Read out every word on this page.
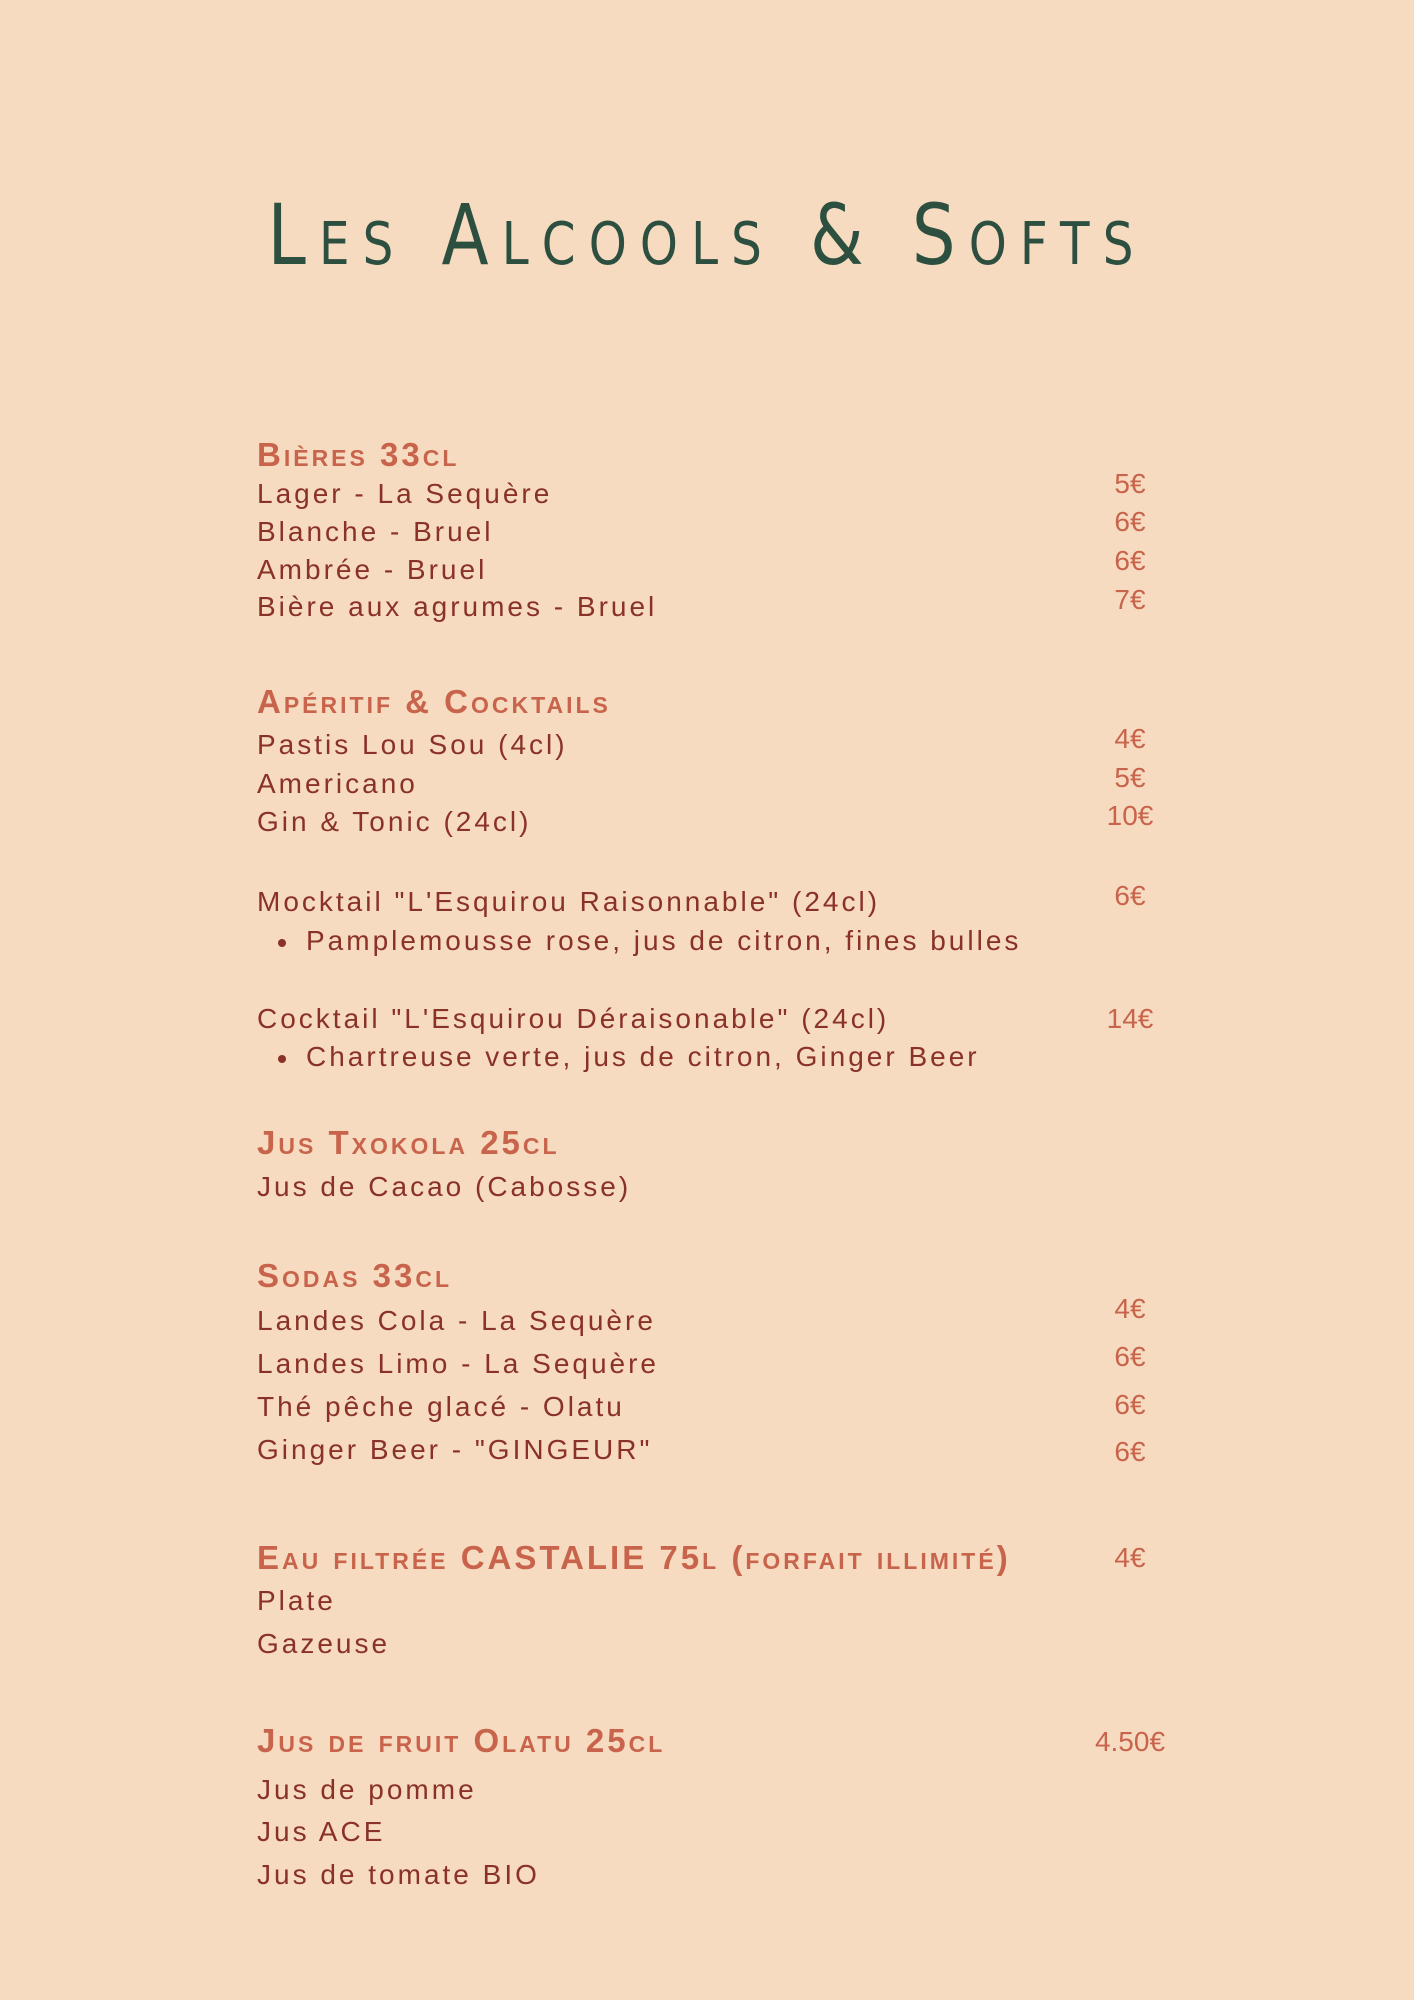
Les Alcools & Softs
Bières 33cl
Lager - La Sequère	5€
Blanche - Bruel	6€
Ambrée - Bruel	6€
Bière aux agrumes - Bruel	7€
Apéritif & Cocktails
Pastis Lou Sou (4cl)	4€
Americano	5€
Gin & Tonic (24cl)	10€
Mocktail "L'Esquirou Raisonnable" (24cl)	6€
Pamplemousse rose, jus de citron, fines bulles
Cocktail "L'Esquirou Déraisonable" (24cl)	14€
Chartreuse verte, jus de citron, Ginger Beer
Jus Txokola 25cl
Jus de Cacao (Cabosse)
Sodas 33cl
Landes Cola - La Sequère	4€
Landes Limo - La Sequère	6€
Thé pêche glacé - Olatu	6€
Ginger Beer - "GINGEUR"	6€
Eau filtrée CASTALIE 75l (forfait illimité)	4€
Plate
Gazeuse
Jus de fruit Olatu 25cl	4.50€
Jus de pomme
Jus ACE
Jus de tomate BIO
